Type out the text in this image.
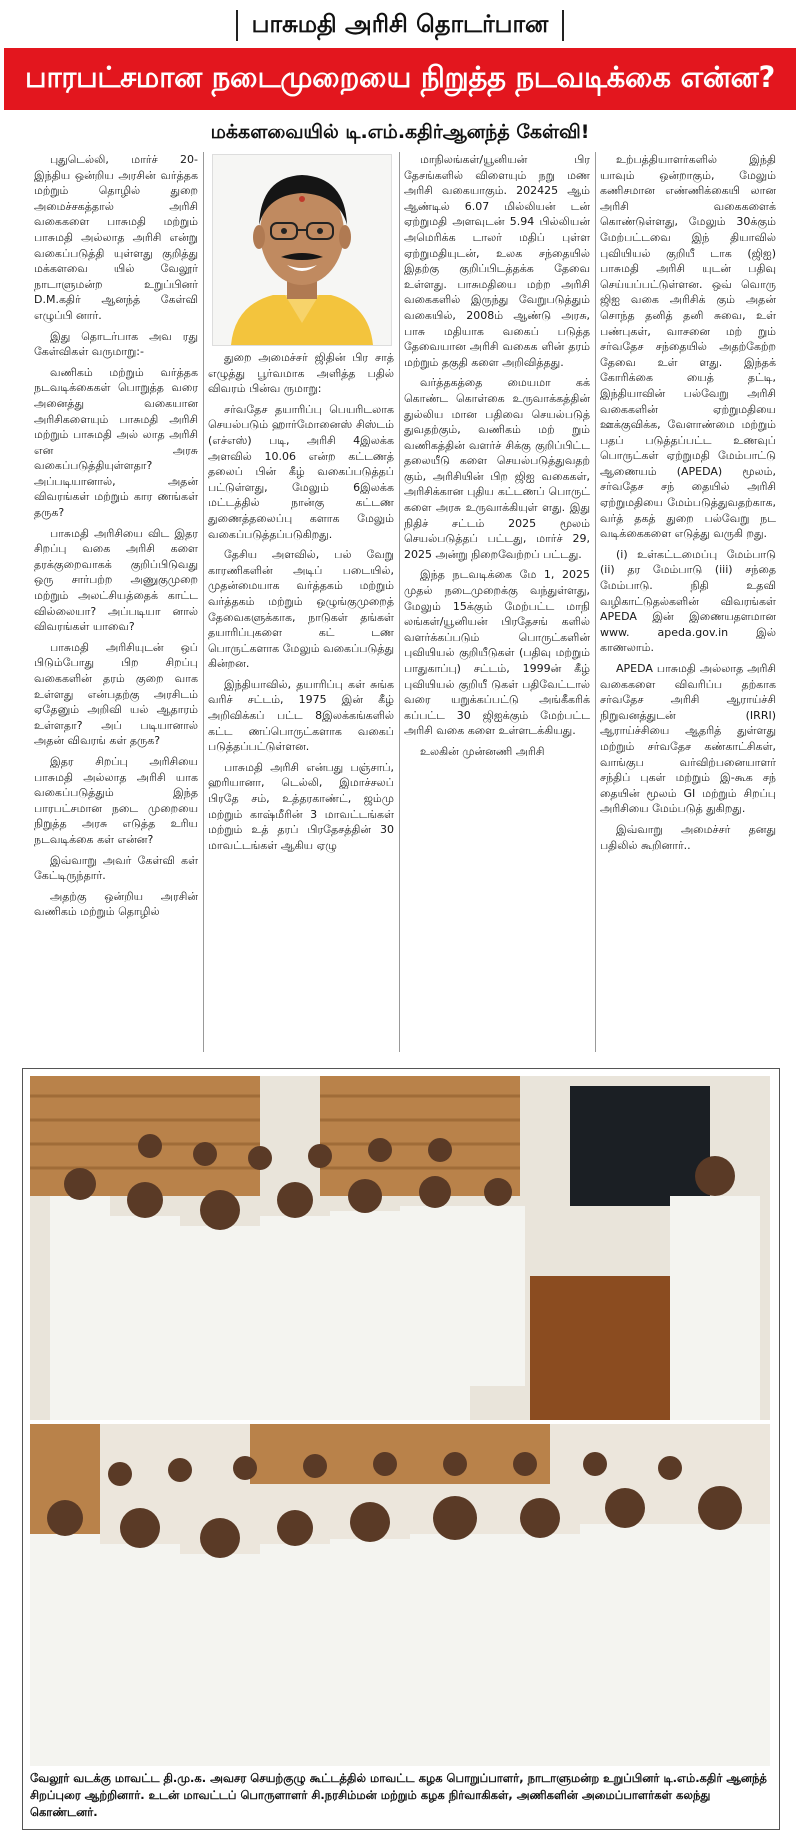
பாசுமதி அரிசி தொடர்பான
பாரபட்சமான நடைமுறையை நிறுத்த நடவடிக்கை என்ன?
மக்களவையில் டி.எம்.கதிர்ஆனந்த் கேள்வி!

புதுடெல்லி, மார்ச் 20- இந்திய ஒன்றிய அரசின் வர்த்தக மற்றும் தொழில் துறை அமைச்சகத்தால் அரிசி வகைகளை பாசுமதி மற்றும் பாசுமதி அல்லாத அரிசி என்று வகைப்படுத்தி யுள்ளது குறித்து மக்களவை யில் வேலூர் நாடாளுமன்ற உறுப்பினர் D.M.கதிர் ஆனந்த் கேள்வி எழுப்பி னார்.

இது தொடர்பாக அவ ரது கேள்விகள் வருமாறு:-

வணிகம் மற்றும் வர்த்தக நடவடிக்கைகள் பொறுத்த வரை அனைத்து வகையான அரிசிகளையும் பாசுமதி அரிசி மற்றும் பாசுமதி அல் லாத அரிசி என அரசு வகைப்படுத்தியுள்ளதா? அப்படியானால், அதன் விவரங்கள் மற்றும் கார ணங்கள் தருக?

பாசுமதி அரிசியை விட இதர சிறப்பு வகை அரிசி களை தரக்குறைவாகக் குறிப்பிடுவது ஒரு சார்பற்ற அணுகுமுறை மற்றும் அலட்சியத்தைக் காட்ட வில்லையா? அப்படியா னால் விவரங்கள் யாவை?

பாசுமதி அரிசியுடன் ஒப் பிடும்போது பிற சிறப்பு வகைகளின் தரம் குறை வாக உள்ளது என்பதற்கு அரசிடம் ஏதேனும் அறிவி யல் ஆதாரம் உள்ளதா? அப் படியானால் அதன் விவரங் கள் தருக?

இதர சிறப்பு அரிசியை பாசுமதி அல்லாத அரிசி யாக வகைப்படுத்தும் இந்த பாரபட்சமான நடை முறையை நிறுத்த அரசு எடுத்த உரிய நடவடிக்கை கள் என்ன?

இவ்வாறு அவர் கேள்வி கள் கேட்டிருந்தார்.

அதற்கு ஒன்றிய அரசின் வணிகம் மற்றும் தொழில்

துறை அமைச்சர் ஜிதின் பிர சாத் எழுத்து பூர்வமாக அளித்த பதில் விவரம் பின்வ ருமாறு:

சர்வதேச தயாரிப்பு பெயரிடலாக செயல்படும் ஹார்மோனைஸ் சிஸ்டம் (எச்எஸ்) படி, அரிசி 4இலக்க அளவில் 10.06 என்ற கட்டணத் தலைப் பின் கீழ் வகைப்படுத்தப் பட்டுள்ளது, மேலும் 6இலக்க மட்டத்தில் நான்கு கட்டண துணைத்தலைப்பு களாக மேலும் வகைப்படுத்தப்படுகிறது.

தேசிய அளவில், பல் வேறு காரணிகளின் அடிப் படையில், முதன்மையாக வர்த்தகம் மற்றும் வர்த்தகம் மற்றும் ஒழுங்குமுறைத் தேவைகளுக்காக, நாடுகள் தங்கள் தயாரிப்புகளை கட் டண பொருட்களாக மேலும் வகைப்படுத்து கின்றன.

இந்தியாவில், தயாரிப்பு கள் சுங்க வரிச் சட்டம், 1975 இன் கீழ் அறிவிக்கப் பட்ட 8இலக்கங்களில் கட்ட ணப்பொருட்களாக வகைப் படுத்தப்பட்டுள்ளன.

பாசுமதி அரிசி என்பது பஞ்சாப், ஹரியானா, டெல்லி, இமாச்சலப் பிரதே சம், உத்தரகாண்ட், ஜம்மு மற்றும் காஷ்மீரின் 3 மாவட்டங்கள் மற்றும் உத் தரப் பிரதேசத்தின் 30 மாவட்டங்கள் ஆகிய ஏழு

மாநிலங்கள்/யூனியன் பிர தேசங்களில் விளையும் நறு மண அரிசி வகையாகும். 202425 ஆம் ஆண்டில் 6.07 மில்லியன் டன் ஏற்றுமதி அளவுடன் 5.94 பில்லியன் அமெரிக்க டாலர் மதிப் புள்ள ஏற்றுமதியுடன், உலக சந்தையில் இதற்கு குறிப்பிடத்தக்க தேவை உள்ளது. பாசுமதியை மற்ற அரிசி வகைகளில் இருந்து வேறுபடுத்தும் வகையில், 2008ம் ஆண்டு அரசு, பாசு மதியாக வகைப் படுத்த தேவையான அரிசி வகைக ளின் தரம் மற்றும் தகுதி களை அறிவித்தது.

வர்த்தகத்தை மையமா கக் கொண்ட கொள்கை உருவாக்கத்தின் துல்லிய மான பதிவை செயல்படுத் துவதற்கும், வணிகம் மற் றும் வணிகத்தின் வளர்ச் சிக்கு குறிப்பிட்ட தலையீடு களை செயல்படுத்துவதற் கும், அரிசியின் பிற ஜிஐ வகைகள், அரிசிக்கான புதிய கட்டணப் பொருட் களை அரசு உருவாக்கியுள் ளது. இது நிதிச் சட்டம் 2025 மூலம் செயல்படுத்தப் பட்டது, மார்ச் 29, 2025 அன்று நிறைவேற்றப் பட்டது.

இந்த நடவடிக்கை மே 1, 2025 முதல் நடைமுறைக்கு வந்துள்ளது, மேலும் 15க்கும் மேற்பட்ட மாநி லங்கள்/யூனியன் பிரதேசங் களில் வளர்க்கப்படும் பொருட்களின் புவியியல் குறியீடுகள் (பதிவு மற்றும் பாதுகாப்பு) சட்டம், 1999ன் கீழ் புவியியல் குறியீ டுகள் பதிவேட்டால் வரை யறுக்கப்பட்டு அங்கீகரிக் கப்பட்ட 30 ஜிஐக்கும் மேற்பட்ட அரிசி வகை களை உள்ளடக்கியது.

உலகின் முன்னணி அரிசி

உற்பத்தியாளர்களில் இந்தி யாவும் ஒன்றாகும், மேலும் கணிசமான எண்ணிக்கையி லான அரிசி வகைகளைக் கொண்டுள்ளது, மேலும் 30க்கும் மேற்பட்டவை இந் தியாவில் புவியியல் குறியீ டாக (ஜிஐ) பாசுமதி அரிசி யுடன் பதிவு செய்யப்பட்டுள்ளன. ஒவ் வொரு ஜிஐ வகை அரிசிக் கும் அதன் சொந்த தனித் தனி சுவை, உள் பண்புகள், வாசனை மற் றும் சர்வதேச சந்தையில் அதற்கேற்ற தேவை உள் ளது. இந்தக் கோரிக்கை யைத் தட்டி, இந்தியாவின் பல்வேறு அரிசி வகைகளின் ஏற்றுமதியை ஊக்குவிக்க, வேளாண்மை மற்றும் பதப் படுத்தப்பட்ட உணவுப் பொருட்கள் ஏற்றுமதி மேம்பாட்டு ஆணையம் (APEDA) மூலம், சர்வதேச சந் தையில் அரிசி ஏற்றுமதியை மேம்படுத்துவதற்காக, வர்த் தகத் துறை பல்வேறு நட வடிக்கைகளை எடுத்து வருகி றது.

(i) உள்கட்டமைப்பு மேம்பாடு (ii) தர மேம்பாடு (iii) சந்தை மேம்பாடு. நிதி உதவி வழிகாட்டுதல்களின் விவரங்கள் APEDA இன் இணையதளமான www. apeda.gov.in இல் காணலாம்.

APEDA பாசுமதி அல்லாத அரிசி வகைகளை விவரிப்ப தற்காக சர்வதேச அரிசி ஆராய்ச்சி நிறுவனத்துடன் (IRRI) ஆராய்ச்சியை ஆதரித் துள்ளது மற்றும் சர்வதேச கண்காட்சிகள், வாங்குப வர்விற்பனையாளர் சந்திப் புகள் மற்றும் இ-கூக சந் தையின் மூலம் GI மற்றும் சிறப்பு அரிசியை மேம்படுத் துகிறது.

இவ்வாறு அமைச்சர் தனது பதிலில் கூறினார்..

வேலூர் வடக்கு மாவட்ட தி.மு.க. அவசர செயற்குழு கூட்டத்தில் மாவட்ட கழக பொறுப்பாளர், நாடாளுமன்ற உறுப்பினர் டி.எம்.கதிர் ஆனந்த் சிறப்புரை ஆற்றினார். உடன் மாவட்டப் பொருளாளர் சி.நரசிம்மன் மற்றும் கழக நிர்வாகிகள், அணிகளின் அமைப்பாளர்கள் கலந்து கொண்டனர்.
